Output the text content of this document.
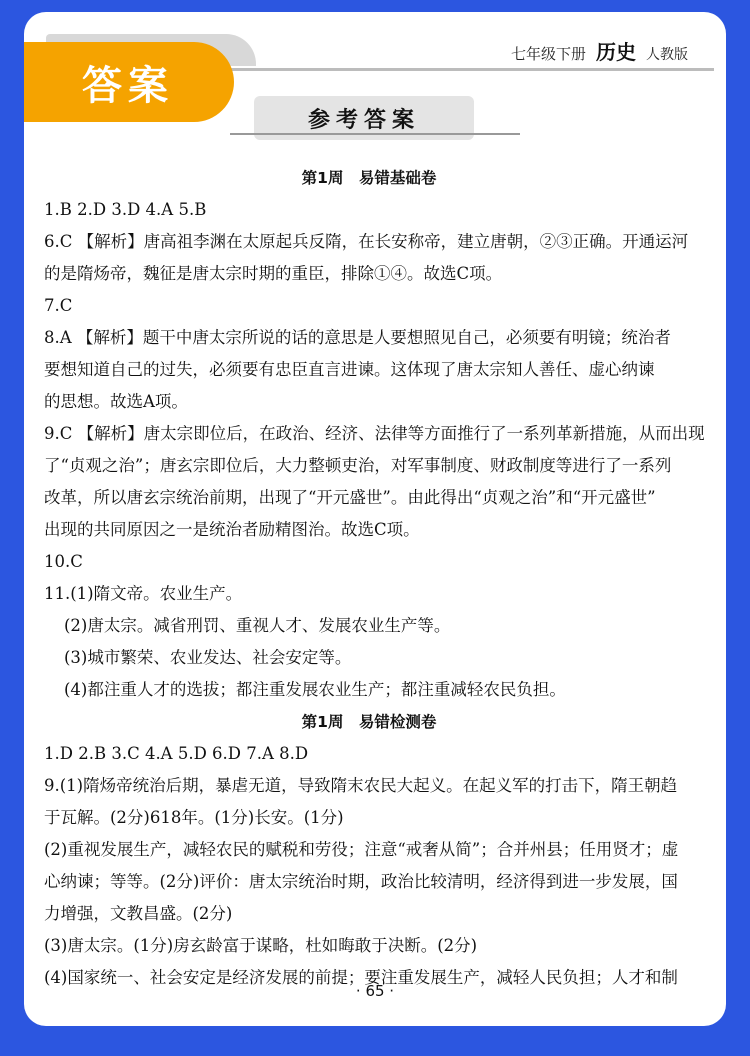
七年级下册 历史 人教版
答案
参考答案
第1周 易错基础卷
1.B 2.D 3.D 4.A 5.B
6.C 【解析】唐高祖李渊在太原起兵反隋，在长安称帝，建立唐朝，②③正确。开通运河
的是隋炀帝，魏征是唐太宗时期的重臣，排除①④。故选C项。
7.C
8.A 【解析】题干中唐太宗所说的话的意思是人要想照见自己，必须要有明镜；统治者
要想知道自己的过失，必须要有忠臣直言进谏。这体现了唐太宗知人善任、虚心纳谏
的思想。故选A项。
9.C 【解析】唐太宗即位后，在政治、经济、法律等方面推行了一系列革新措施，从而出现
了“贞观之治”；唐玄宗即位后，大力整顿吏治，对军事制度、财政制度等进行了一系列
改革，所以唐玄宗统治前期，出现了“开元盛世”。由此得出“贞观之治”和“开元盛世”
出现的共同原因之一是统治者励精图治。故选C项。
10.C
11.(1)隋文帝。农业生产。
(2)唐太宗。减省刑罚、重视人才、发展农业生产等。
(3)城市繁荣、农业发达、社会安定等。
(4)都注重人才的选拔；都注重发展农业生产；都注重减轻农民负担。
第1周 易错检测卷
1.D 2.B 3.C 4.A 5.D 6.D 7.A 8.D
9.(1)隋炀帝统治后期，暴虐无道，导致隋末农民大起义。在起义军的打击下，隋王朝趋
于瓦解。(2分)618年。(1分)长安。(1分)
(2)重视发展生产，减轻农民的赋税和劳役；注意“戒奢从简”；合并州县；任用贤才；虚
心纳谏；等等。(2分)评价：唐太宗统治时期，政治比较清明，经济得到进一步发展，国
力增强，文教昌盛。(2分)
(3)唐太宗。(1分)房玄龄富于谋略，杜如晦敢于决断。(2分)
(4)国家统一、社会安定是经济发展的前提；要注重发展生产，减轻人民负担；人才和制
· 65 ·
